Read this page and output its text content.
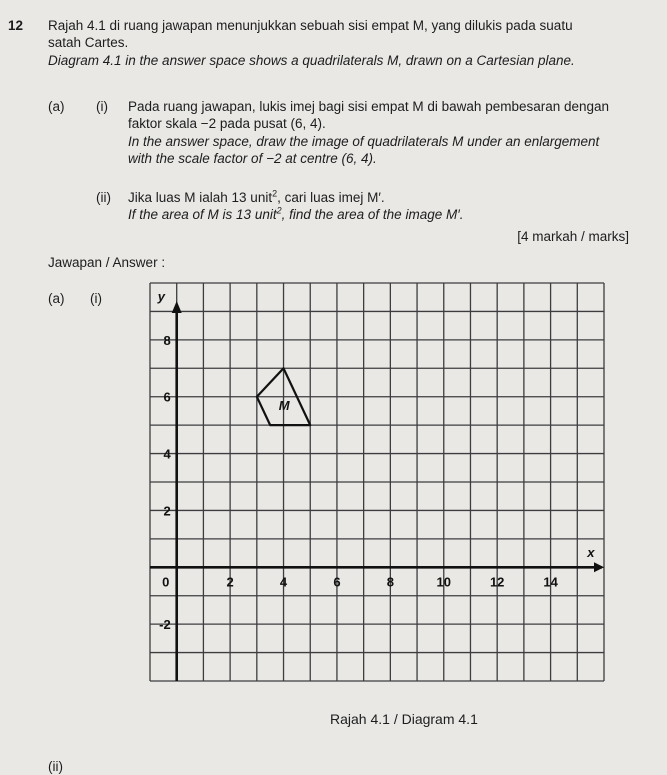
12 Rajah 4.1 di ruang jawapan menunjukkan sebuah sisi empat M, yang dilukis pada suatu
satah Cartes.
Diagram 4.1 in the answer space shows a quadrilaterals M, drawn on a Cartesian plane.
(a) (i) Pada ruang jawapan, lukis imej bagi sisi empat M di bawah pembesaran dengan
faktor skala −2 pada pusat (6, 4).
In the answer space, draw the image of quadrilaterals M under an enlargement
with the scale factor of −2 at centre (6, 4).
(ii) Jika luas M ialah 13 unit$^2$, cari luas imej M′.
If the area of M is 13 unit$^2$, find the area of the image M′.
[4 markah / marks]
Jawapan / Answer :
(a) (i)
x
y
0	2	4	6	8	10	12	14
8
6
4
2
-2
M
Rajah 4.1 / Diagram 4.1
(ii)
